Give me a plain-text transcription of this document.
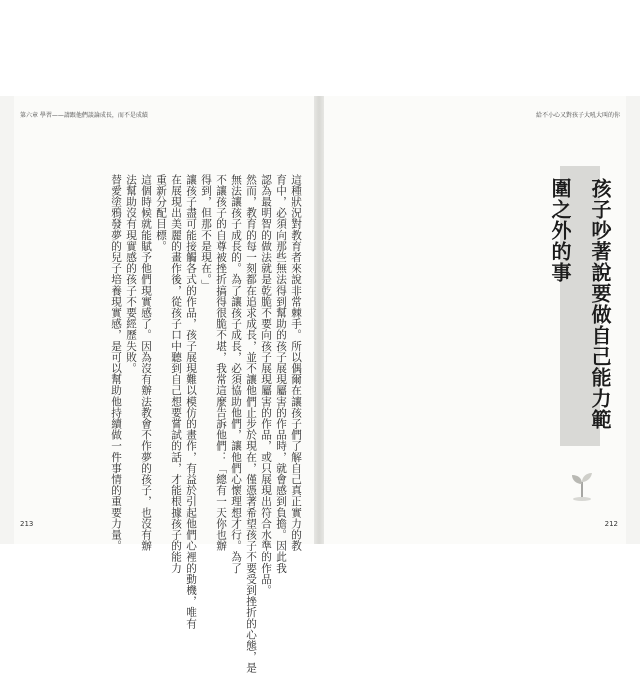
第六章 學習——請跟他們談論成長，而不是成績
213
給不小心又對孩子大吼大叫的你
212
這種狀況對教育者來說非常棘手。所以偶爾在讓孩子們了解自己真正實力的教
育中，必須向那些無法得到幫助的孩子展現屬害的作品時，就會感到負擔。因此我
認為最明智的做法就是乾脆不要向孩子展現屬害的作品，或只展現出符合水準的作品。
然而，教育的每一刻都在追求成長，並不讓他們止步於現在，僅憑著希望孩子不要受到挫折的心態，是
無法讓孩子成長的。為了讓孩子成長，必須協助他們，讓他們心懷理想才行。為了
不讓孩子的自尊被挫折搞得很脆不堪，我常這麼告訴他們：「總有一天你也辦
得到，但那不是現在。」
讓孩子盡可能接觸各式的作品，孩子展現難以模仿的畫作，有益於引起他們心裡的動機，唯有
在展現出美麗的畫作後，從孩子口中聽到自己想要嘗試的話，才能根據孩子的能力
重新分配目標。
這個時候就能賦予他們現實感了。因為沒有辦法教會不作夢的孩子，也沒有辦
法幫助沒有現實感的孩子不要經歷失敗。
替愛塗鴉發夢的兒子培養現實感，是可以幫助他持續做一件事情的重要力量。	孩子吵著說要做自己能力範圍之外的事
